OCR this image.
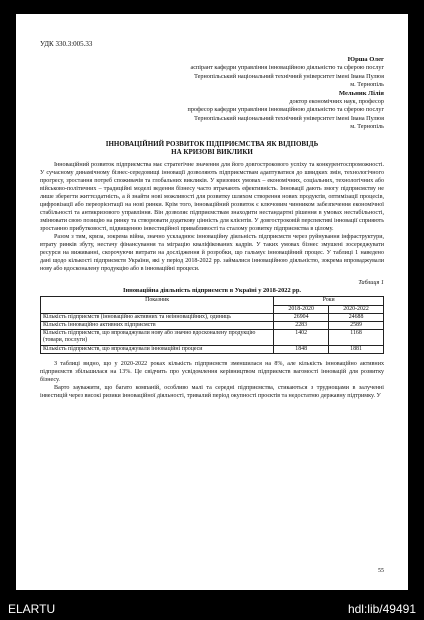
УДК 330.3:005.33
Юрша Олег
аспірант кафедри управління інноваційною діяльністю та сферою послуг
Тернопільський національний технічний університет імені Івана Пулюя
м. Тернопіль
Мельник Лілія
доктор економічних наук, професор
професор кафедри управління інноваційною діяльністю та сферою послуг
Тернопільський національний технічний університет імені Івана Пулюя
м. Тернопіль
ІННОВАЦІЙНИЙ РОЗВИТОК ПІДПРИЄМСТВА ЯК ВІДПОВІДЬ
НА КРИЗОВІ ВИКЛИКИ

Інноваційний розвиток підприємства має стратегічне значення для його довгострокового успіху та конкурентоспроможності. У сучасному динамічному бізнес-середовищі інновації дозволяють підприємствам адаптуватися до швидких змін, технологічного прогресу, зростання потреб споживачів та глобальних викликів. У кризових умовах – економічних, соціальних, технологічних або військово-політичних – традиційні моделі ведення бізнесу часто втрачають ефективність. Інновації дають змогу підприємству не лише зберегти життєздатність, а й знайти нові можливості для розвитку шляхом створення нових продуктів, оптимізації процесів, цифровізації або переорієнтації на нові ринки. Крім того, інноваційний розвиток є ключовим чинником забезпечення економічної стабільності та антикризового управління. Він дозволяє підприємствам знаходити нестандартні рішення в умовах нестабільності, змінювати свою позицію на ринку та створювати додаткову цінність для клієнтів. У довгостроковій перспективі інновації сприяють зростанню прибутковості, підвищенню інвестиційної привабливості та сталому розвитку підприємства в цілому.

Разом з тим, криза, зокрема війна, значно ускладнює інноваційну діяльність підприємств через руйнування інфраструктури, втрату ринків збуту, нестачу фінансування та міграцію кваліфікованих кадрів. У таких умовах бізнес змушені зосереджувати ресурси на виживанні, скорочуючи витрати на дослідження й розробки, що гальмує інноваційний процес. У таблиці 1 наведено дані щодо кількості підприємств України, які у період 2018-2022 рр. займалися інноваційною діяльністю, зокрема впроваджували нову або вдосконалену продукцію або в інноваційні процеси.

Таблиця 1
Інноваційна діяльність підприємств в Україні у 2018-2022 рр.
Показник	Роки	
	2018-2020	2020-2022
Кількість підприємств (інноваційно активних та неінноваційних), одиниць	26904	24688
Кількість інноваційно активних підприємств	2283	2589
Кількість підприємств, що впроваджували нову або значно вдосконалену продукцію (товари, послуги)	1402	1168
Кількість підприємств, що впроваджували інноваційні процеси	1848	1881

З таблиці видно, що у 2020-2022 роках кількість підприємств зменшилася на 8%, але кількість інноваційно активних підприємств збільшилася на 13%. Це свідчить про усвідомлення керівництвом підприємств вагомості інновацій для розвитку бізнесу.

Варто зауважити, що багато компаній, особливо малі та середні підприємства, стикаються з труднощами в залученні інвестицій через високі ризики інноваційної діяльності, тривалий період окупності проєктів та недостатню державну підтримку. У

55
ELARTU	hdl:lib/49491
